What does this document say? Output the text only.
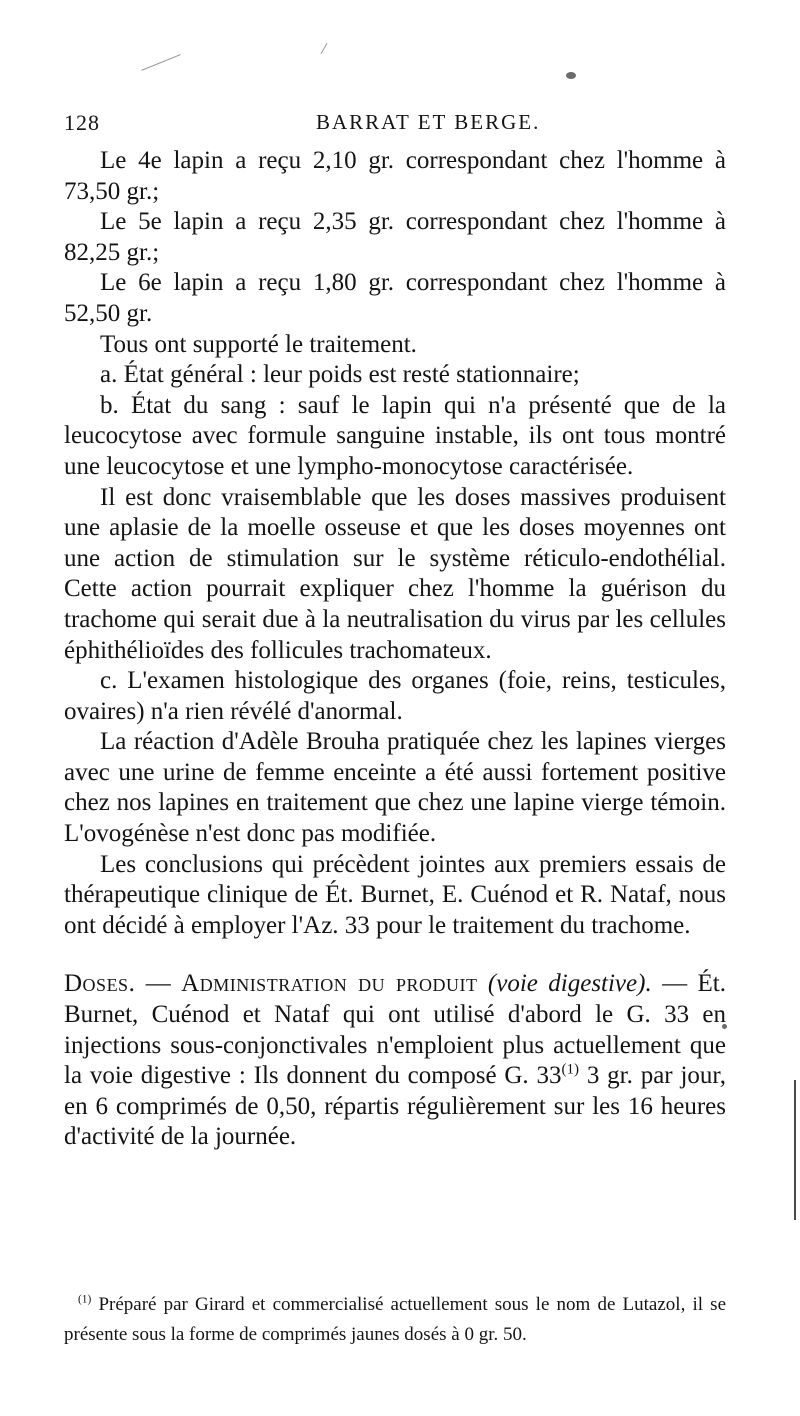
128	BARRAT ET BERGE.

Le 4e lapin a reçu 2,10 gr. correspondant chez l'homme à 73,50 gr.;

Le 5e lapin a reçu 2,35 gr. correspondant chez l'homme à 82,25 gr.;

Le 6e lapin a reçu 1,80 gr. correspondant chez l'homme à 52,50 gr.

Tous ont supporté le traitement.

a. État général : leur poids est resté stationnaire;

b. État du sang : sauf le lapin qui n'a présenté que de la leucocytose avec formule sanguine instable, ils ont tous montré une leucocytose et une lympho-monocytose caractérisée.

Il est donc vraisemblable que les doses massives produisent une aplasie de la moelle osseuse et que les doses moyennes ont une action de stimulation sur le système réticulo-endothélial. Cette action pourrait expliquer chez l'homme la guérison du trachome qui serait due à la neutralisation du virus par les cellules éphithélioïdes des follicules trachomateux.

c. L'examen histologique des organes (foie, reins, testicules, ovaires) n'a rien révélé d'anormal.

La réaction d'Adèle Brouha pratiquée chez les lapines vierges avec une urine de femme enceinte a été aussi fortement positive chez nos lapines en traitement que chez une lapine vierge témoin. L'ovogénèse n'est donc pas modifiée.

Les conclusions qui précèdent jointes aux premiers essais de thérapeutique clinique de Ét. Burnet, E. Cuénod et R. Nataf, nous ont décidé à employer l'Az. 33 pour le traitement du trachome.

Doses. — Administration du produit (voie digestive). — Ét. Burnet, Cuénod et Nataf qui ont utilisé d'abord le G. 33 en injections sous-conjonctivales n'emploient plus actuellement que la voie digestive : Ils donnent du composé G. 33$^{(1)}$ 3 gr. par jour, en 6 comprimés de 0,50, répartis régulièrement sur les 16 heures d'activité de la journée.

$^{(1)}$ Préparé par Girard et commercialisé actuellement sous le nom de Lutazol, il se présente sous la forme de comprimés jaunes dosés à 0 gr. 50.
